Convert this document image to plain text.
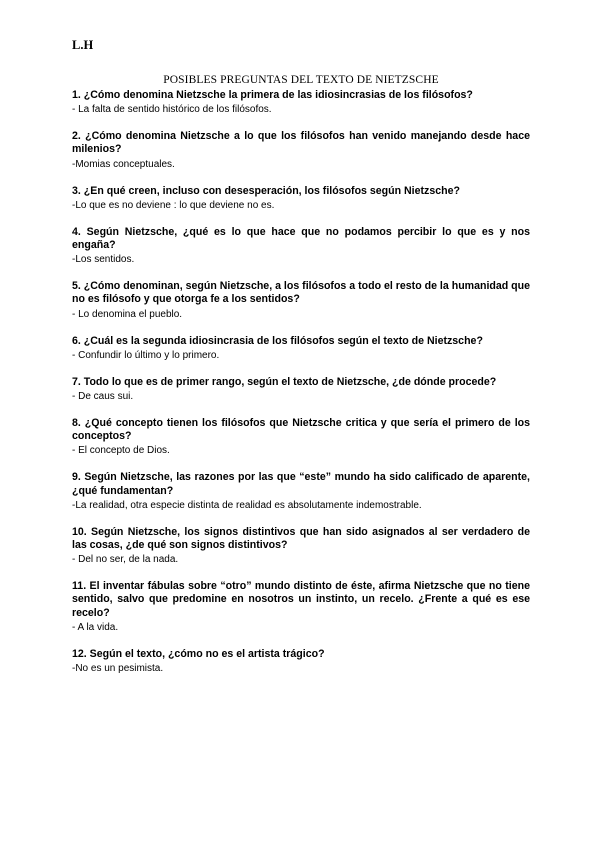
L.H
POSIBLES PREGUNTAS DEL TEXTO DE NIETZSCHE

1. ¿Cómo denomina Nietzsche la primera de las idiosincrasias de los filósofos?

- La falta de sentido histórico de los filósofos.

2. ¿Cómo denomina Nietzsche a lo que los filósofos han venido manejando desde hace milenios?

-Momias conceptuales.

3. ¿En qué creen, incluso con desesperación, los filósofos según Nietzsche?

-Lo que es no deviene : lo que deviene no es.

4. Según Nietzsche, ¿qué es lo que hace que no podamos percibir lo que es y nos engaña?

-Los sentidos.

5. ¿Cómo denominan, según Nietzsche, a los filósofos a todo el resto de la humanidad que no es filósofo y que otorga fe a los sentidos?

- Lo denomina el pueblo.

6. ¿Cuál es la segunda idiosincrasia de los filósofos según el texto de Nietzsche?

- Confundir lo último y lo primero.

7. Todo lo que es de primer rango, según el texto de Nietzsche, ¿de dónde procede?

- De caus sui.

8. ¿Qué concepto tienen los filósofos que Nietzsche critica y que sería el primero de los conceptos?

- El concepto de Dios.

9. Según Nietzsche, las razones por las que “este” mundo ha sido calificado de aparente, ¿qué fundamentan?

-La realidad, otra especie distinta de realidad es absolutamente indemostrable.

10. Según Nietzsche, los signos distintivos que han sido asignados al ser verdadero de las cosas, ¿de qué son signos distintivos?

- Del no ser, de la nada.

11. El inventar fábulas sobre “otro” mundo distinto de éste, afirma Nietzsche que no tiene sentido, salvo que predomine en nosotros un instinto, un recelo. ¿Frente a qué es ese recelo?

- A la vida.

12. Según el texto, ¿cómo no es el artista trágico?

-No es un pesimista.
